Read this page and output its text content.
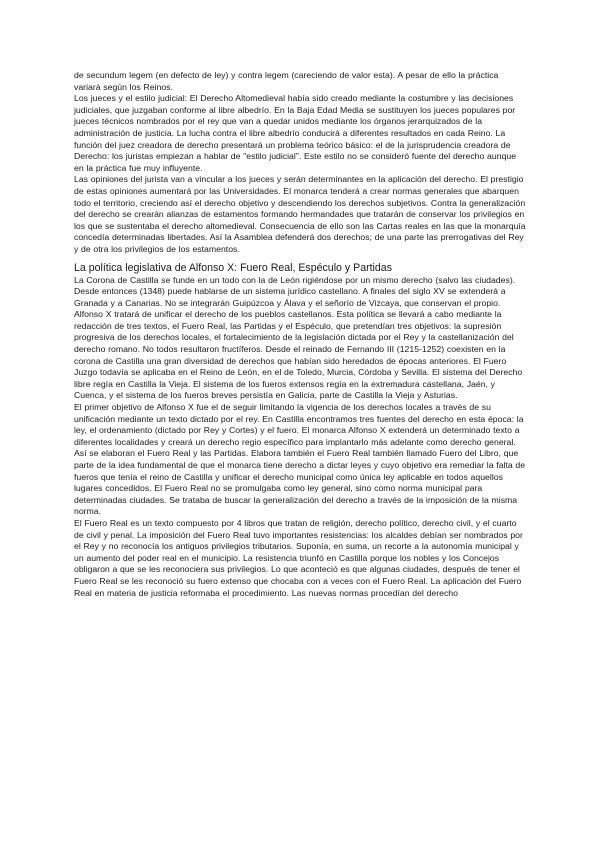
de secundum legem (en defecto de ley) y contra legem (careciendo de valor esta). A pesar de ello la práctica variará según los Reinos.

Los jueces y el estilo judicial: El Derecho Altomedieval había sido creado mediante la costumbre y las decisiones judiciales, que juzgaban conforme al libre albedrío. En la Baja Edad Media se sustituyen los jueces populares por jueces técnicos nombrados por el rey que van a quedar unidos mediante los órganos jerarquizados de la administración de justicia. La lucha contra el libre albedrío conducirá a diferentes resultados en cada Reino. La función del juez creadora de derecho presentará un problema teórico básico: el de la jurisprudencia creadora de Derecho: los juristas empiezan a hablar de "estilo judicial". Este estilo no se consideró fuente del derecho aunque en la práctica fue muy influyente.

Las opiniones del jurista van a vincular a los jueces y serán determinantes en la aplicación del derecho. El prestigio de estas opiniones aumentará por las Universidades. El monarca tenderá a crear normas generales que abarquen todo el territorio, creciendo así el derecho objetivo y descendiendo los derechos subjetivos. Contra la generalización del derecho se crearán alianzas de estamentos formando hermandades que tratarán de conservar los privilegios en los que se sustentaba el derecho altomedieval. Consecuencia de ello son las Cartas reales en las que la monarquía concedía determinadas libertades. Así la Asamblea defenderá dos derechos; de una parte las prerrogativas del Rey y de otra los privilegios de los estamentos.

La política legislativa de Alfonso X: Fuero Real, Espéculo y Partidas

La Corona de Castilla se funde en un todo con la de León rigiéndose por un mismo derecho (salvo las ciudades). Desde entonces (1348) puede hablarse de un sistema jurídico castellano. A finales del siglo XV se extenderá a Granada y a Canarias. No se integrarán Guipúzcoa y Álava y el señorío de Vizcaya, que conservan el propio.

Alfonso X tratará de unificar el derecho de los pueblos castellanos. Esta política se llevará a cabo mediante la redacción de tres textos, el Fuero Real, las Partidas y el Espéculo, que pretendían tres objetivos: la supresión progresiva de los derechos locales, el fortalecimiento de la legislación dictada por el Rey y la castellanización del derecho romano. No todos resultaron fructíferos. Desde el reinado de Fernando III (1215-1252) coexisten en la corona de Castilla una gran diversidad de derechos que habían sido heredados de épocas anteriores. El Fuero Juzgo todavía se aplicaba en el Reino de León, en el de Toledo, Murcia, Córdoba y Sevilla. El sistema del Derecho libre regía en Castilla la Vieja. El sistema de los fueros extensos regía en la extremadura castellana, Jaén, y Cuenca, y el sistema de los fueros breves persistía en Galicia, parte de Castilla la Vieja y Asturias.

El primer objetivo de Alfonso X fue el de seguir limitando la vigencia de los derechos locales a través de su unificación mediante un texto dictado por el rey. En Castilla encontramos tres fuentes del derecho en esta época: la ley, el ordenamiento (dictado por Rey y Cortes) y el fuero. El monarca Alfonso X extenderá un determinado texto a diferentes localidades y creará un derecho regio específico para implantarlo más adelante como derecho general. Así se elaboran el Fuero Real y las Partidas. Elabora también el Fuero Real también llamado Fuero del Libro, que parte de la idea fundamental de que el monarca tiene derecho a dictar leyes y cuyo objetivo era remediar la falta de fueros que tenía el reino de Castilla y unificar el derecho municipal como única ley aplicable en todos aquellos lugares concedidos. El Fuero Real no se promulgaba como ley general, sino como norma municipal para determinadas ciudades. Se trataba de buscar la generalización del derecho a través de la imposición de la misma norma.

El Fuero Real es un texto compuesto por 4 libros que tratan de religión, derecho político, derecho civil, y el cuarto de civil y penal. La imposición del Fuero Real tuvo importantes resistencias: los alcaldes debían ser nombrados por el Rey y no reconocía los antiguos privilegios tributarios. Suponía, en suma, un recorte a la autonomía municipal y un aumento del poder real en el municipio. La resistencia triunfó en Castilla porque los nobles y los Concejos obligaron a que se les reconociera sus privilegios. Lo que aconteció es que algunas ciudades, después de tener el Fuero Real se les reconoció su fuero extenso que chocaba con a veces con el Fuero Real. La aplicación del Fuero Real en materia de justicia reformaba el procedimiento. Las nuevas normas procedían del derecho
